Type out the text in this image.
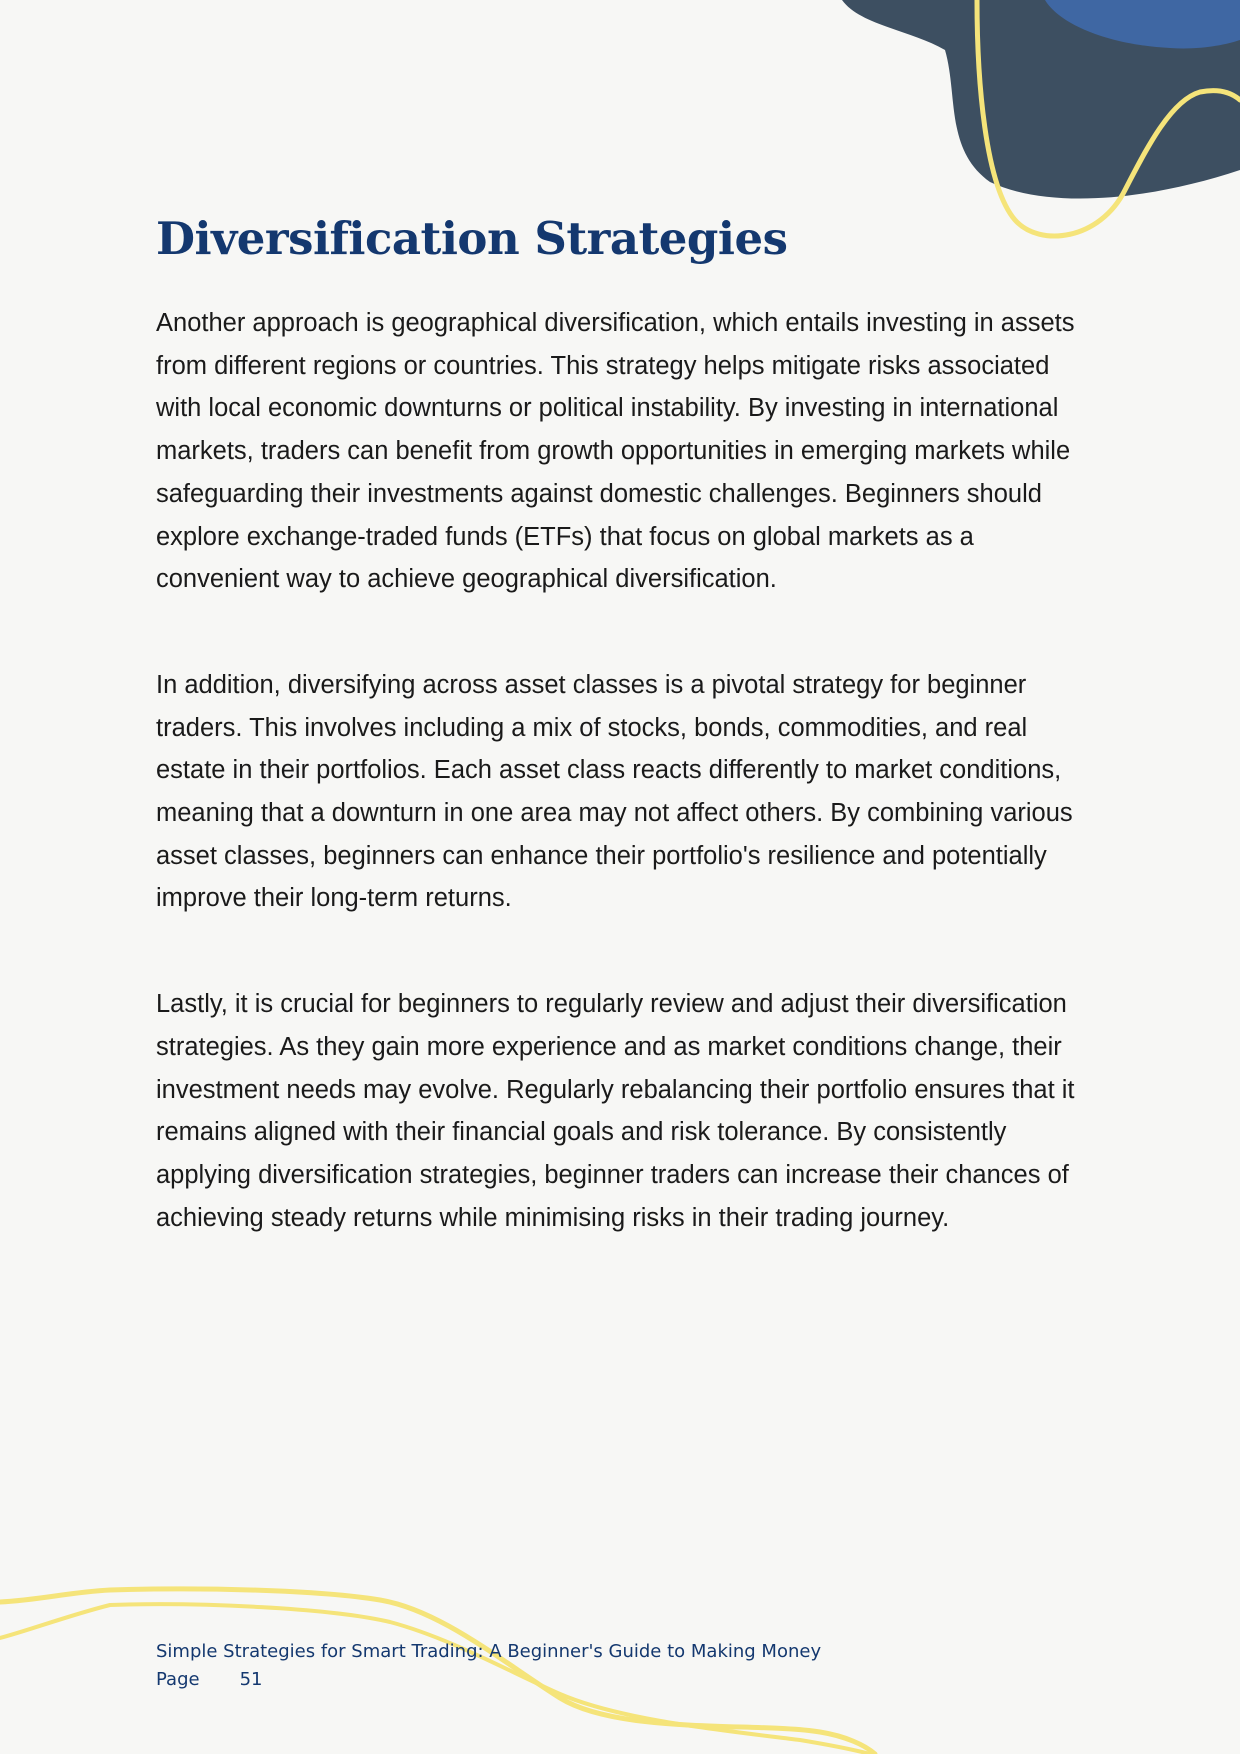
Diversification Strategies

Another approach is geographical diversification, which entails investing in assets from different regions or countries. This strategy helps mitigate risks associated with local economic downturns or political instability. By investing in international markets, traders can benefit from growth opportunities in emerging markets while safeguarding their investments against domestic challenges. Beginners should explore exchange-traded funds (ETFs) that focus on global markets as a convenient way to achieve geographical diversification.

In addition, diversifying across asset classes is a pivotal strategy for beginner traders. This involves including a mix of stocks, bonds, commodities, and real estate in their portfolios. Each asset class reacts differently to market conditions, meaning that a downturn in one area may not affect others. By combining various asset classes, beginners can enhance their portfolio's resilience and potentially improve their long-term returns.

Lastly, it is crucial for beginners to regularly review and adjust their diversification strategies. As they gain more experience and as market conditions change, their investment needs may evolve. Regularly rebalancing their portfolio ensures that it remains aligned with their financial goals and risk tolerance. By consistently applying diversification strategies, beginner traders can increase their chances of achieving steady returns while minimising risks in their trading journey.

Simple Strategies for Smart Trading: A Beginner's Guide to Making Money
Page 51
